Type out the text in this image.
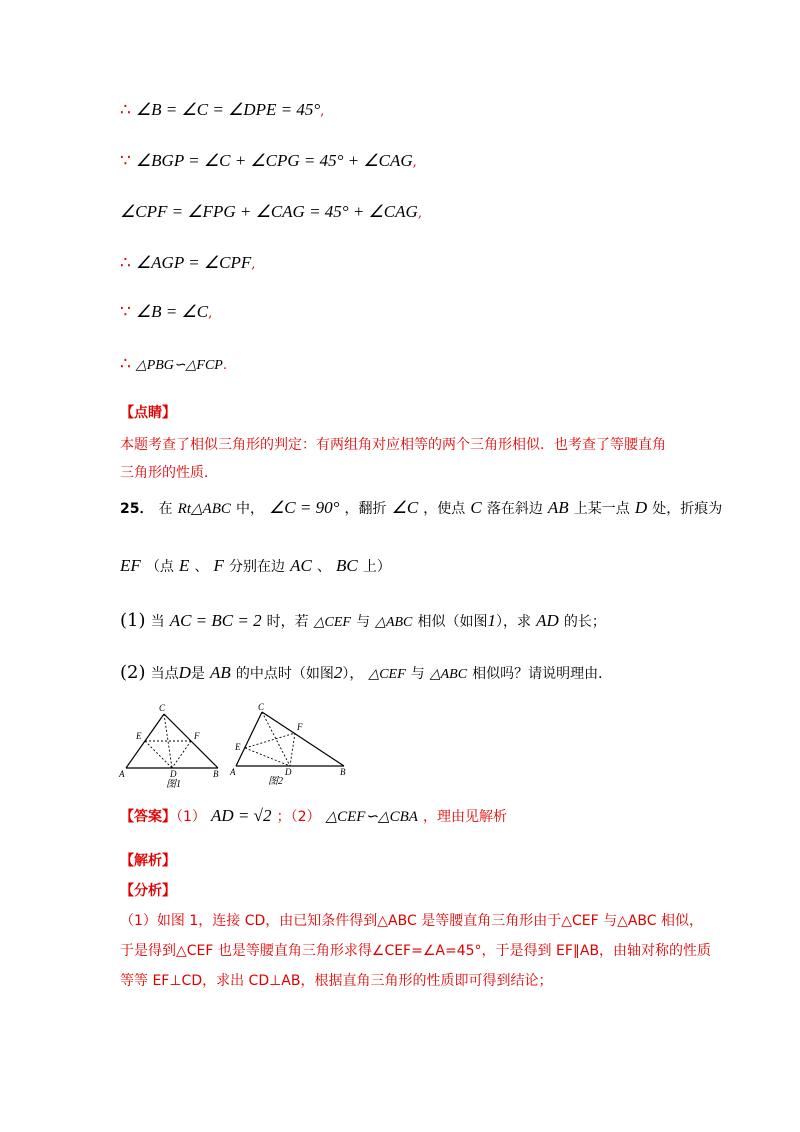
∴ ∠B = ∠C = ∠DPE = 45°,
∵ ∠BGP = ∠C + ∠CPG = 45° + ∠CAG,
∠CPF = ∠FPG + ∠CAG = 45° + ∠CAG,
∴ ∠AGP = ∠CPF,
∵ ∠B = ∠C,
∴ △PBG∽△FCP.
【点睛】
本题考查了相似三角形的判定：有两组角对应相等的两个三角形相似．也考查了等腰直角
三角形的性质．
25． 在 Rt△ABC 中， ∠C = 90° ，翻折 ∠C ，使点 C 落在斜边 AB 上某一点 D 处，折痕为
EF （点 E 、 F 分别在边 AC 、 BC 上）
(1) 当 AC = BC = 2 时，若 △CEF 与 △ABC 相似（如图1），求 AD 的长；
(2) 当点D是 AB 的中点时（如图2）， △CEF 与 △ABC 相似吗？请说明理由．
C
E	F
A	D	B
图1
C
F
E
A	D	B
图2
【答案】（1） AD = √2 ；（2） △CEF∽△CBA ，理由见解析
【解析】
【分析】
（1）如图 1，连接 CD，由已知条件得到△ABC 是等腰直角三角形由于△CEF 与△ABC 相似，
于是得到△CEF 也是等腰直角三角形求得∠CEF=∠A=45°，于是得到 EF∥AB，由轴对称的性质
等等 EF⊥CD，求出 CD⊥AB，根据直角三角形的性质即可得到结论；
